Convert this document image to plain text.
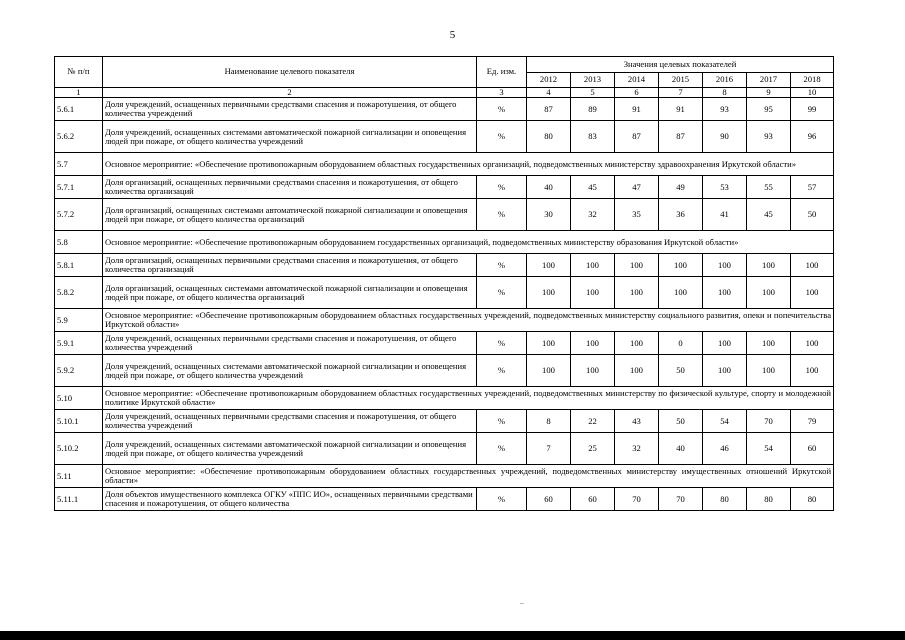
5
№ п/п	Наименование целевого показателя	Ед. изм.	Значения целевых показателей						
			2012	2013	2014	2015	2016	2017	2018
1	2	3	4	5	6	7	8	9	10
5.6.1	Доля учреждений, оснащенных первичными средствами спасения и пожаротушения, от общего количества учреждений	%	87	89	91	91	93	95	99
5.6.2	Доля учреждений, оснащенных системами автоматической пожарной сигнализации и оповещения людей при пожаре, от общего количества учреждений	%	80	83	87	87	90	93	96
5.7	Основное мероприятие: «Обеспечение противопожарным оборудованием областных государственных организаций, подведомственных министерству здравоохранения Иркутской области»								
5.7.1	Доля организаций, оснащенных первичными средствами спасения и пожаротушения, от общего количества организаций	%	40	45	47	49	53	55	57
5.7.2	Доля организаций, оснащенных системами автоматической пожарной сигнализации и оповещения людей при пожаре, от общего количества организаций	%	30	32	35	36	41	45	50
5.8	Основное мероприятие: «Обеспечение противопожарным оборудованием государственных организаций, подведомственных министерству образования Иркутской области»								
5.8.1	Доля организаций, оснащенных первичными средствами спасения и пожаротушения, от общего количества организаций	%	100	100	100	100	100	100	100
5.8.2	Доля организаций, оснащенных системами автоматической пожарной сигнализации и оповещения людей при пожаре, от общего количества организаций	%	100	100	100	100	100	100	100
5.9	Основное мероприятие: «Обеспечение противопожарным оборудованием областных государственных учреждений, подведомственных министерству социального развития, опеки и попечительства Иркутской области»								
5.9.1	Доля учреждений, оснащенных первичными средствами спасения и пожаротушения, от общего количества учреждений	%	100	100	100	0	100	100	100
5.9.2	Доля учреждений, оснащенных системами автоматической пожарной сигнализации и оповещения людей при пожаре, от общего количества учреждений	%	100	100	100	50	100	100	100
5.10	Основное мероприятие: «Обеспечение противопожарным оборудованием областных государственных учреждений, подведомственных министерству по физической культуре, спорту и молодежной политике Иркутской области»								
5.10.1	Доля учреждений, оснащенных первичными средствами спасения и пожаротушения, от общего количества учреждений	%	8	22	43	50	54	70	79
5.10.2	Доля учреждений, оснащенных системами автоматической пожарной сигнализации и оповещения людей при пожаре, от общего количества учреждений	%	7	25	32	40	46	54	60
5.11	Основное мероприятие: «Обеспечение противопожарным оборудованием областных государственных учреждений, подведомственных министерству имущественных отношений Иркутской области»								
5.11.1	Доля объектов имущественного комплекса ОГКУ «ППС ИО», оснащенных первичными средствами спасения и пожаротушения, от общего количества	%	60	60	70	70	80	80	80
